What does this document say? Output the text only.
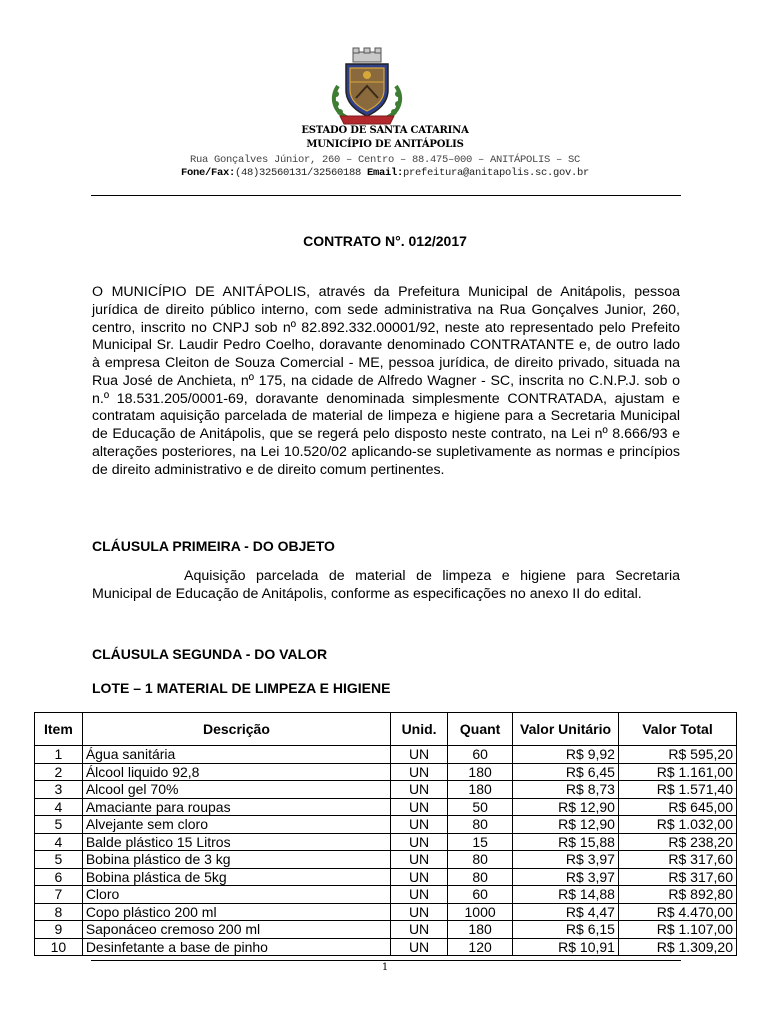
ESTADO DE SANTA CATARINA
MUNICÍPIO DE ANITÁPOLIS
Rua Gonçalves Júnior, 260 – Centro – 88.475–000 – ANITÁPOLIS – SC
Fone/Fax:(48)32560131/32560188 Email:prefeitura@anitapolis.sc.gov.br
CONTRATO N°. 012/2017
O MUNICÍPIO DE ANITÁPOLIS, através da Prefeitura Municipal de Anitápolis, pessoa jurídica de direito público interno, com sede administrativa na Rua Gonçalves Junior, 260, centro, inscrito no CNPJ sob nº 82.892.332.00001/92, neste ato representado pelo Prefeito Municipal Sr. Laudir Pedro Coelho, doravante denominado CONTRATANTE e, de outro lado à empresa Cleiton de Souza Comercial - ME, pessoa jurídica, de direito privado, situada na Rua José de Anchieta, nº 175, na cidade de Alfredo Wagner - SC, inscrita no C.N.P.J. sob o n.º 18.531.205/0001-69, doravante denominada simplesmente CONTRATADA, ajustam e contratam aquisição parcelada de material de limpeza e higiene para a Secretaria Municipal de Educação de Anitápolis, que se regerá pelo disposto neste contrato, na Lei nº 8.666/93 e alterações posteriores, na Lei 10.520/02 aplicando-se supletivamente as normas e princípios de direito administrativo e de direito comum pertinentes.
CLÁUSULA PRIMEIRA - DO OBJETO
Aquisição parcelada de material de limpeza e higiene para Secretaria Municipal de Educação de Anitápolis, conforme as especificações no anexo II do edital.
CLÁUSULA SEGUNDA - DO VALOR
LOTE – 1 MATERIAL DE LIMPEZA E HIGIENE
Item	Descrição	Unid.	Quant	Valor Unitário	Valor Total
1	Água sanitária	UN	60	R$ 9,92	R$ 595,20
2	Álcool liquido 92,8	UN	180	R$ 6,45	R$ 1.161,00
3	Alcool gel 70%	UN	180	R$ 8,73	R$ 1.571,40
4	Amaciante para roupas	UN	50	R$ 12,90	R$ 645,00
5	Alvejante sem cloro	UN	80	R$ 12,90	R$ 1.032,00
4	Balde plástico 15 Litros	UN	15	R$ 15,88	R$ 238,20
5	Bobina plástico de 3 kg	UN	80	R$ 3,97	R$ 317,60
6	Bobina plástica de 5kg	UN	80	R$ 3,97	R$ 317,60
7	Cloro	UN	60	R$ 14,88	R$ 892,80
8	Copo plástico 200 ml	UN	1000	R$ 4,47	R$ 4.470,00
9	Saponáceo cremoso 200 ml	UN	180	R$ 6,15	R$ 1.107,00
10	Desinfetante a base de pinho	UN	120	R$ 10,91	R$ 1.309,20
1
